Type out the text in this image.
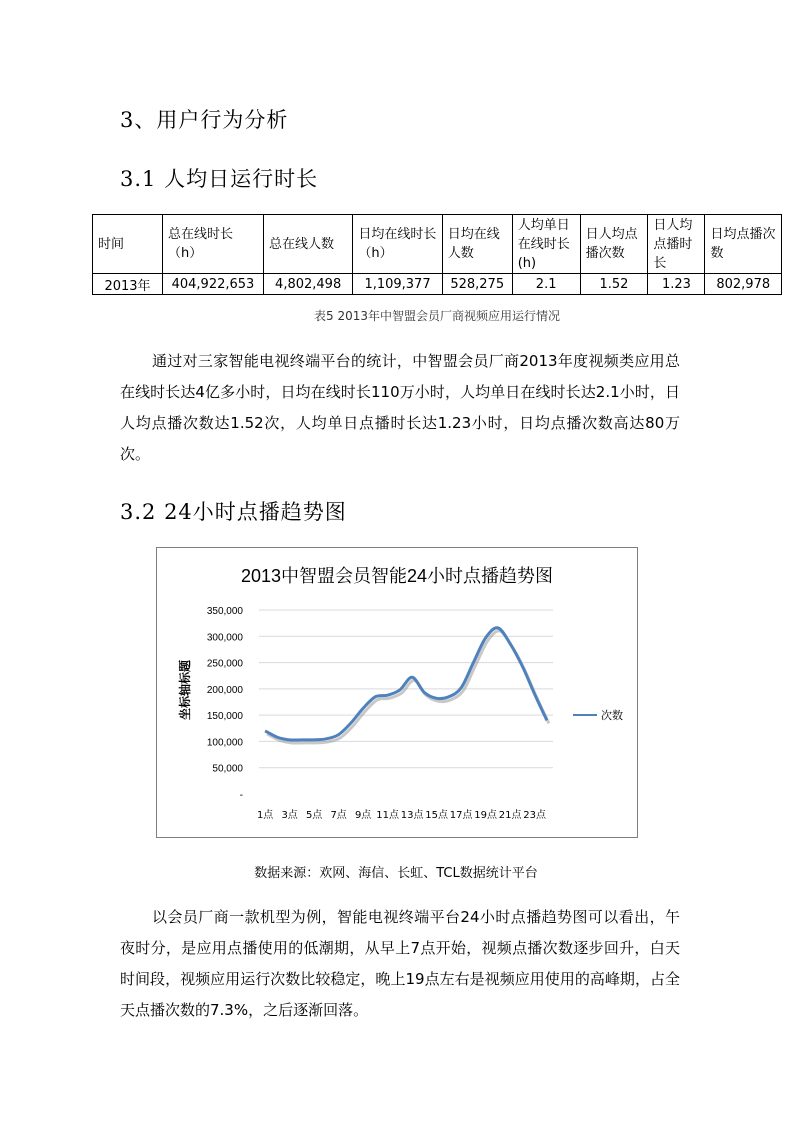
3、用户行为分析
3.1 人均日运行时长
时间	总在线时长（h）	总在线人数	日均在线时长（h）	日均在线人数	人均单日在线时长(h)	日人均点播次数	日人均点播时长	日均点播次数
2013年	404,922,653	4,802,498	1,109,377	528,275	2.1	1.52	1.23	802,978
表5 2013年中智盟会员厂商视频应用运行情况

通过对三家智能电视终端平台的统计，中智盟会员厂商2013年度视频类应用总在线时长达4亿多小时，日均在线时长110万小时，人均单日在线时长达2.1小时，日人均点播次数达1.52次，人均单日点播时长达1.23小时，日均点播次数高达80万次。

3.2 24小时点播趋势图
2013中智盟会员智能24小时点播趋势图
350,000
300,000
250,000
200,000
150,000
100,000
50,000
-
1点 3点 5点 7点 9点 11点 13点 15点 17点 19点 21点 23点
坐标轴标题	次数
数据来源：欢网、海信、长虹、TCL数据统计平台

以会员厂商一款机型为例，智能电视终端平台24小时点播趋势图可以看出，午夜时分，是应用点播使用的低潮期，从早上7点开始，视频点播次数逐步回升，白天时间段，视频应用运行次数比较稳定，晚上19点左右是视频应用使用的高峰期，占全天点播次数的7.3%，之后逐渐回落。
